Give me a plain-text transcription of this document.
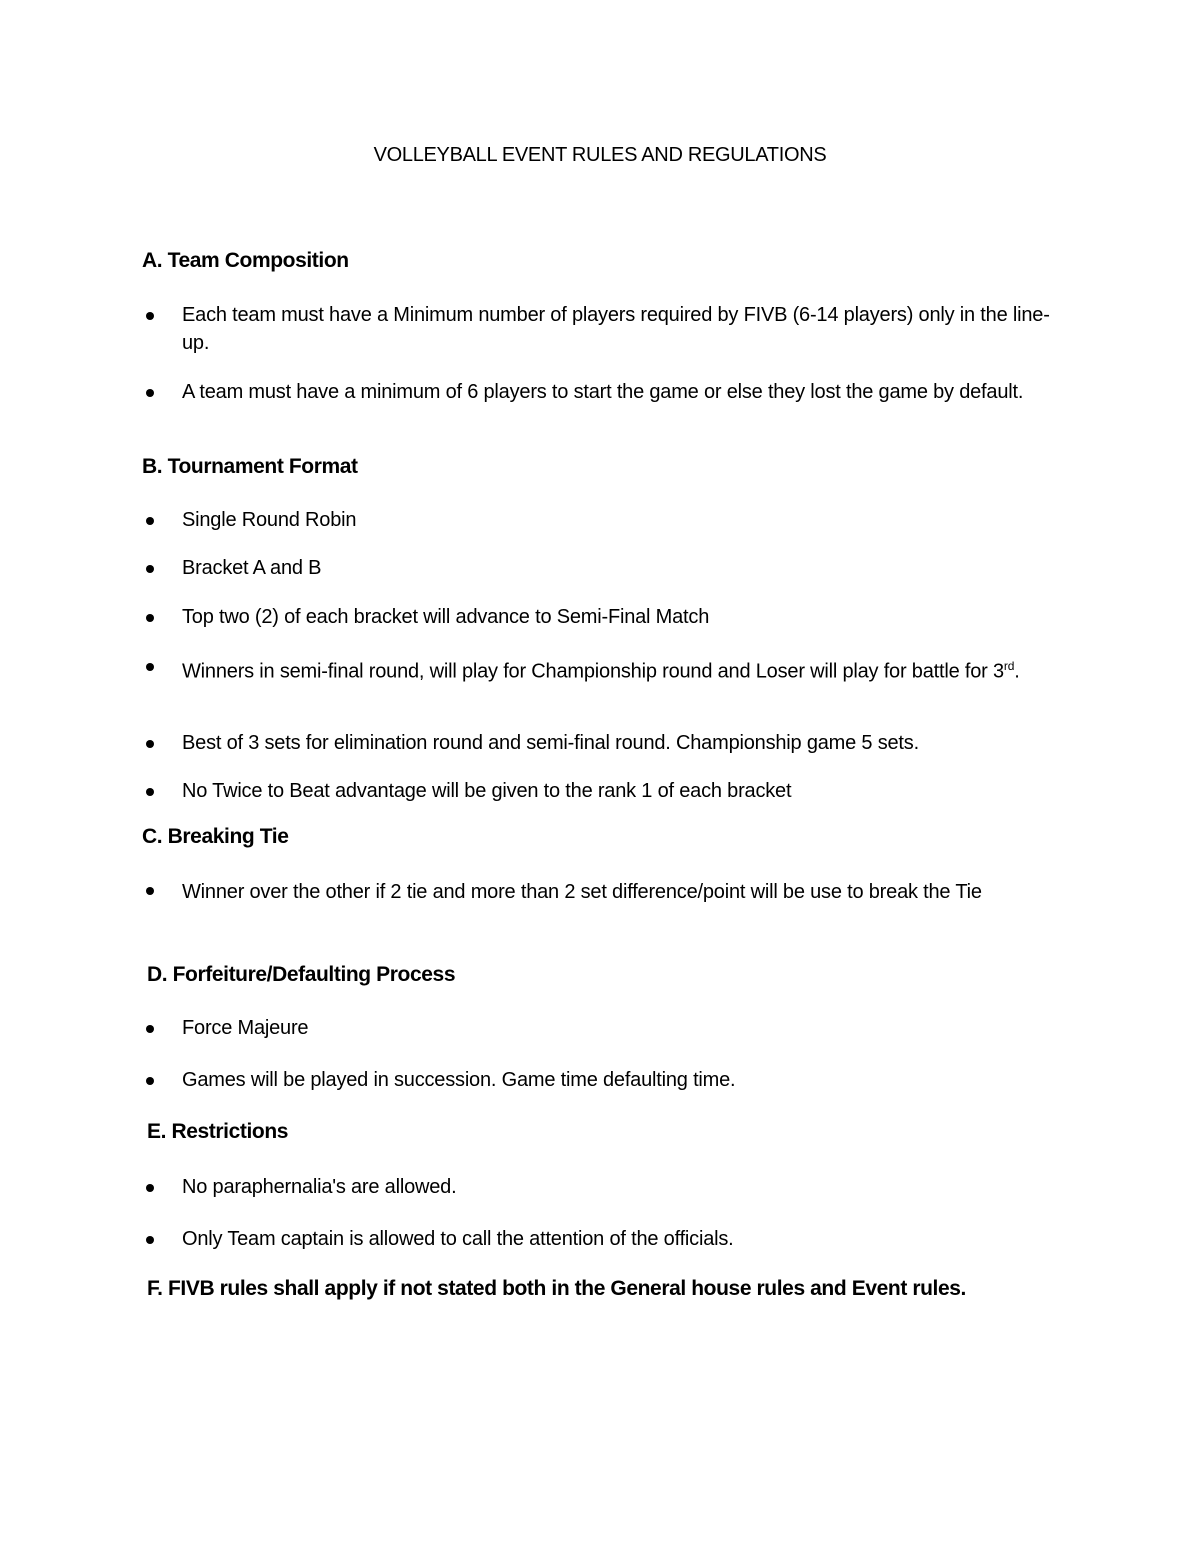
VOLLEYBALL EVENT RULES AND REGULATIONS
A. Team Composition
Each team must have a Minimum number of players required by FIVB (6-14 players) only in the line-up.
A team must have a minimum of 6 players to start the game or else they lost the game by default.
B. Tournament Format
Single Round Robin
Bracket A and B
Top two (2) of each bracket will advance to Semi-Final Match
Winners in semi-final round, will play for Championship round and Loser will play for battle for 3rd.
Best of 3 sets for elimination round and semi-final round. Championship game 5 sets.
No Twice to Beat advantage will be given to the rank 1 of each bracket
C. Breaking Tie
Winner over the other if 2 tie and more than 2 set difference/point will be use to break the Tie
D. Forfeiture/Defaulting Process
Force Majeure
Games will be played in succession. Game time defaulting time.
E. Restrictions
No paraphernalia's are allowed.
Only Team captain is allowed to call the attention of the officials.
F. FIVB rules shall apply if not stated both in the General house rules and Event rules.
